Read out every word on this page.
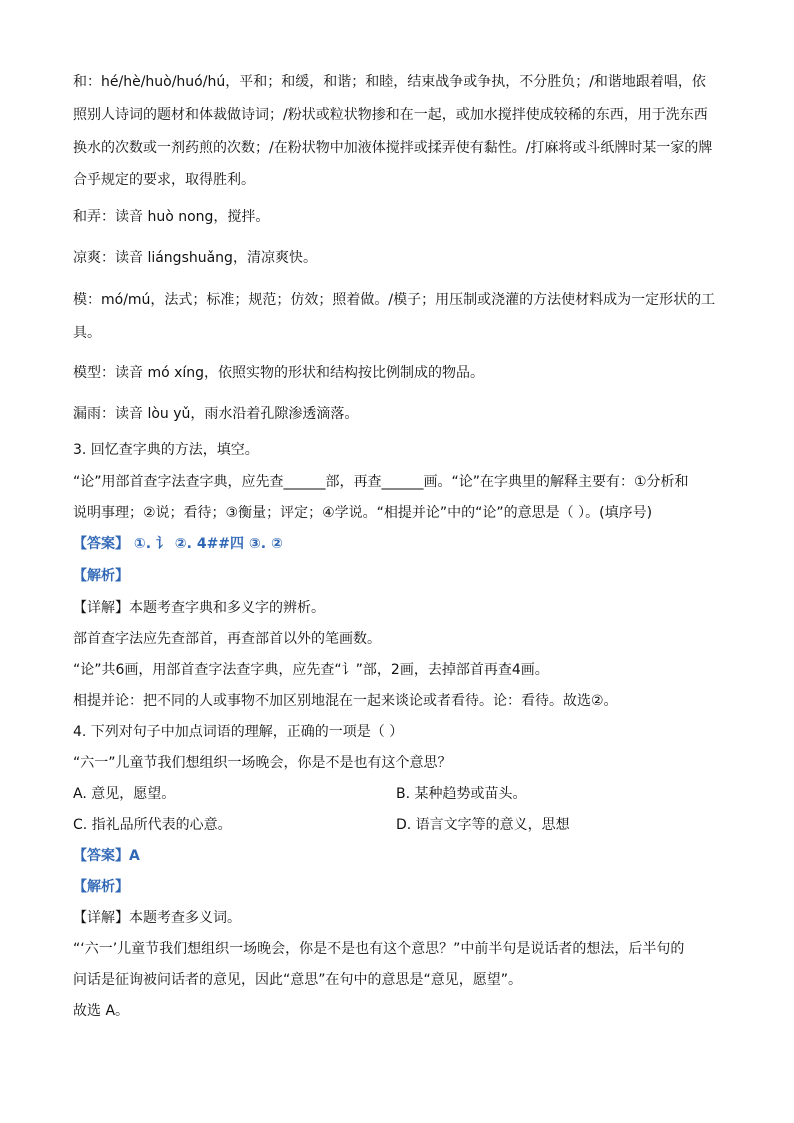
和：hé/hè/huò/huó/hú，平和；和缓，和谐；和睦，结束战争或争执，不分胜负；/和谐地跟着唱，依
照别人诗词的题材和体裁做诗词；/粉状或粒状物掺和在一起，或加水搅拌使成较稀的东西，用于洗东西
换水的次数或一剂药煎的次数；/在粉状物中加液体搅拌或揉弄使有黏性。/打麻将或斗纸牌时某一家的牌
合乎规定的要求，取得胜利。
和弄：读音 huò nong，搅拌。
凉爽：读音 liángshuǎng，清凉爽快。
模：mó/mú，法式；标准；规范；仿效；照着做。/模子；用压制或浇灌的方法使材料成为一定形状的工
具。
模型：读音 mó xíng，依照实物的形状和结构按比例制成的物品。
漏雨：读音 lòu yǔ，雨水沿着孔隙渗透滴落。
3. 回忆查字典的方法，填空。
“论”用部首查字法查字典，应先查______部，再查______画。“论”在字典里的解释主要有：①分析和
说明事理；②说；看待；③衡量；评定；④学说。“相提并论”中的“论”的意思是（ ）。(填序号)
【答案】 ①. 讠 ②. 4##四 ③. ②
【解析】
【详解】本题考查字典和多义字的辨析。
部首查字法应先查部首，再查部首以外的笔画数。
“论”共6画，用部首查字法查字典，应先查“讠”部，2画，去掉部首再查4画。
相提并论：把不同的人或事物不加区别地混在一起来谈论或者看待。论：看待。故选②。
4. 下列对句子中加点词语的理解，正确的一项是（ ）
“六一”儿童节我们想组织一场晚会，你是不是也有这个意思？
A. 意见，愿望。	B. 某种趋势或苗头。
C. 指礼品所代表的心意。	D. 语言文字等的意义，思想
【答案】A
【解析】
【详解】本题考查多义词。
“‘六一’儿童节我们想组织一场晚会，你是不是也有这个意思？”中前半句是说话者的想法，后半句的
问话是征询被问话者的意见，因此“意思”在句中的意思是“意见，愿望”。
故选 A。
